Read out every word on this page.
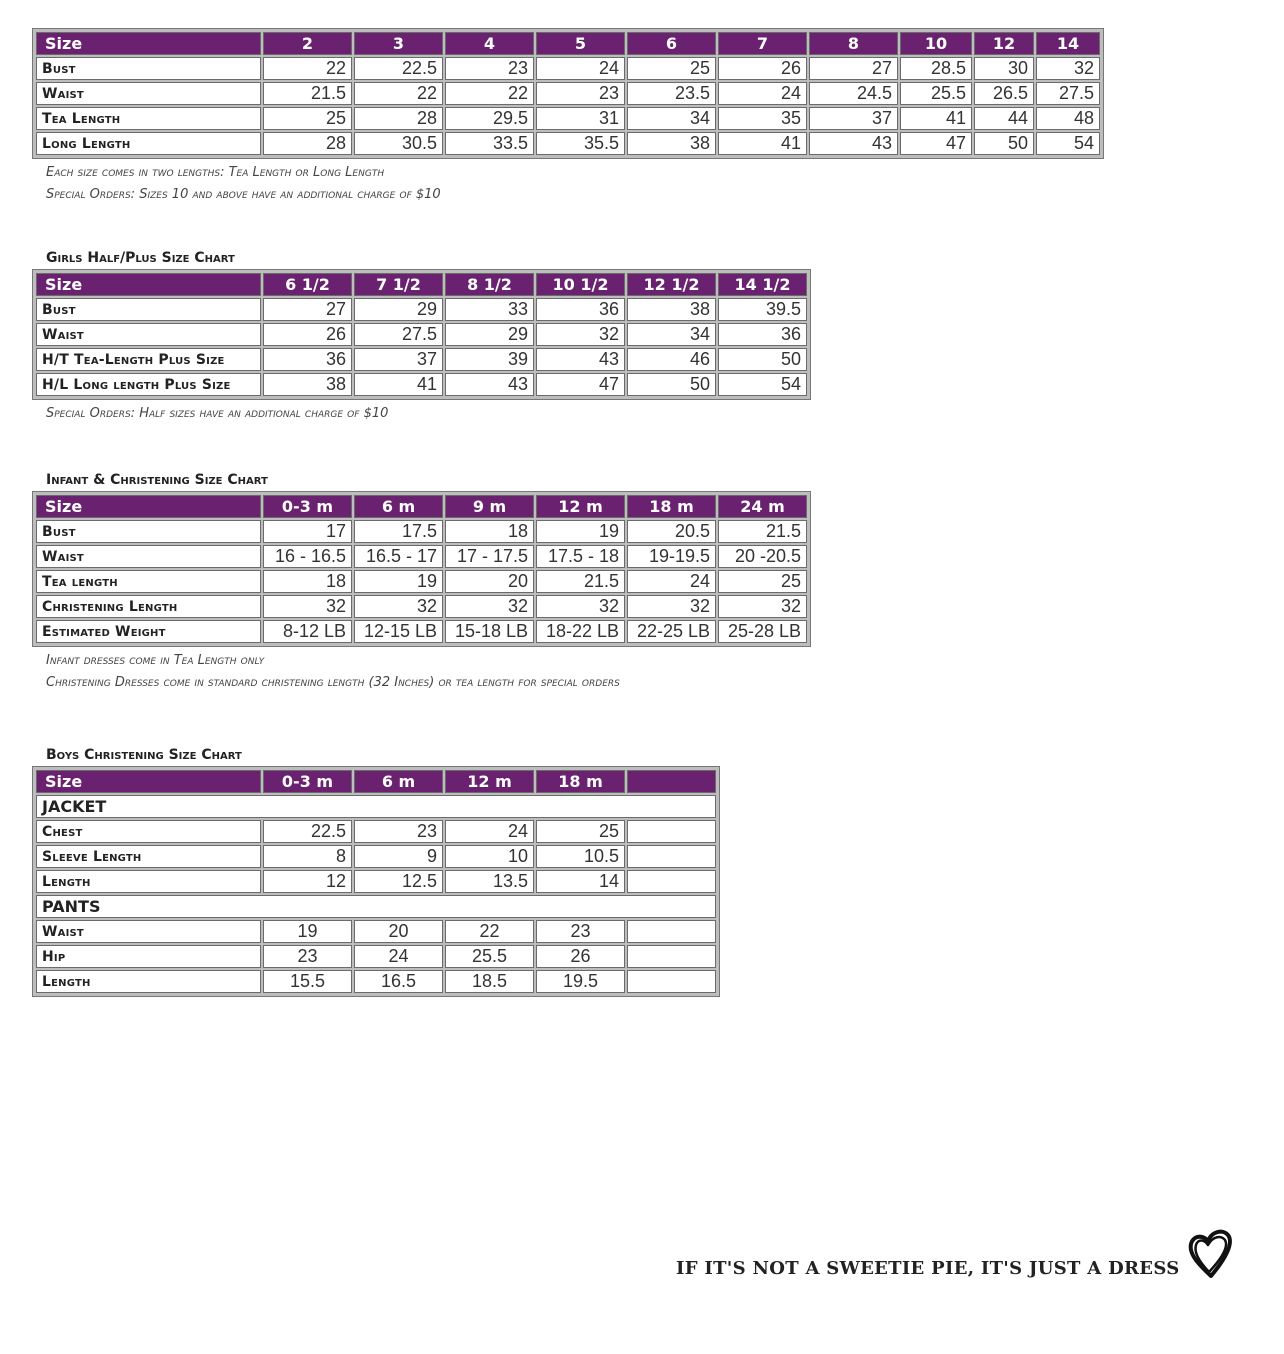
Size	2	3	4	5	6	7	8	10	12	14
Bust	22	22.5	23	24	25	26	27	28.5	30	32
Waist	21.5	22	22	23	23.5	24	24.5	25.5	26.5	27.5
Tea Length	25	28	29.5	31	34	35	37	41	44	48
Long Length	28	30.5	33.5	35.5	38	41	43	47	50	54
Each size comes in two lengths: Tea Length or Long Length
Special Orders: Sizes 10 and above have an additional charge of $10
Girls Half/Plus Size Chart
Size	6 1/2	7 1/2	8 1/2	10 1/2	12 1/2	14 1/2
Bust	27	29	33	36	38	39.5
Waist	26	27.5	29	32	34	36
H/T Tea-Length Plus Size	36	37	39	43	46	50
H/L Long length Plus Size	38	41	43	47	50	54
Special Orders: Half sizes have an additional charge of $10
Infant & Christening Size Chart
Size	0-3 m	6 m	9 m	12 m	18 m	24 m
Bust	17	17.5	18	19	20.5	21.5
Waist	16 - 16.5	16.5 - 17	17 - 17.5	17.5 - 18	19-19.5	20 -20.5
Tea length	18	19	20	21.5	24	25
Christening Length	32	32	32	32	32	32
Estimated Weight	8-12 LB	12-15 LB	15-18 LB	18-22 LB	22-25 LB	25-28 LB
Infant dresses come in Tea Length only
Christening Dresses come in standard christening length (32 Inches) or tea length for special orders
Boys Christening Size Chart
Size	0-3 m	6 m	12 m	18 m	
JACKET					
Chest	22.5	23	24	25	
Sleeve Length	8	9	10	10.5	
Length	12	12.5	13.5	14	
PANTS					
Waist	19	20	22	23	
Hip	23	24	25.5	26	
Length	15.5	16.5	18.5	19.5	
IF IT'S NOT A SWEETIE PIE, IT'S JUST A DRESS
